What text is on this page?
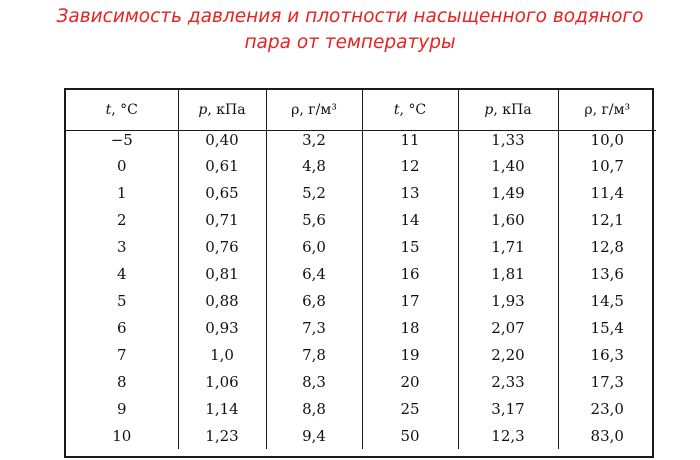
Зависимость давления и плотности насыщенного водяного
пара от температуры
t, °C	p, кПа	ρ, г/м³	t, °C	p, кПа	ρ, г/м³
−5	0,40	3,2	11	1,33	10,0
0	0,61	4,8	12	1,40	10,7
1	0,65	5,2	13	1,49	11,4
2	0,71	5,6	14	1,60	12,1
3	0,76	6,0	15	1,71	12,8
4	0,81	6,4	16	1,81	13,6
5	0,88	6,8	17	1,93	14,5
6	0,93	7,3	18	2,07	15,4
7	1,0	7,8	19	2,20	16,3
8	1,06	8,3	20	2,33	17,3
9	1,14	8,8	25	3,17	23,0
10	1,23	9,4	50	12,3	83,0
